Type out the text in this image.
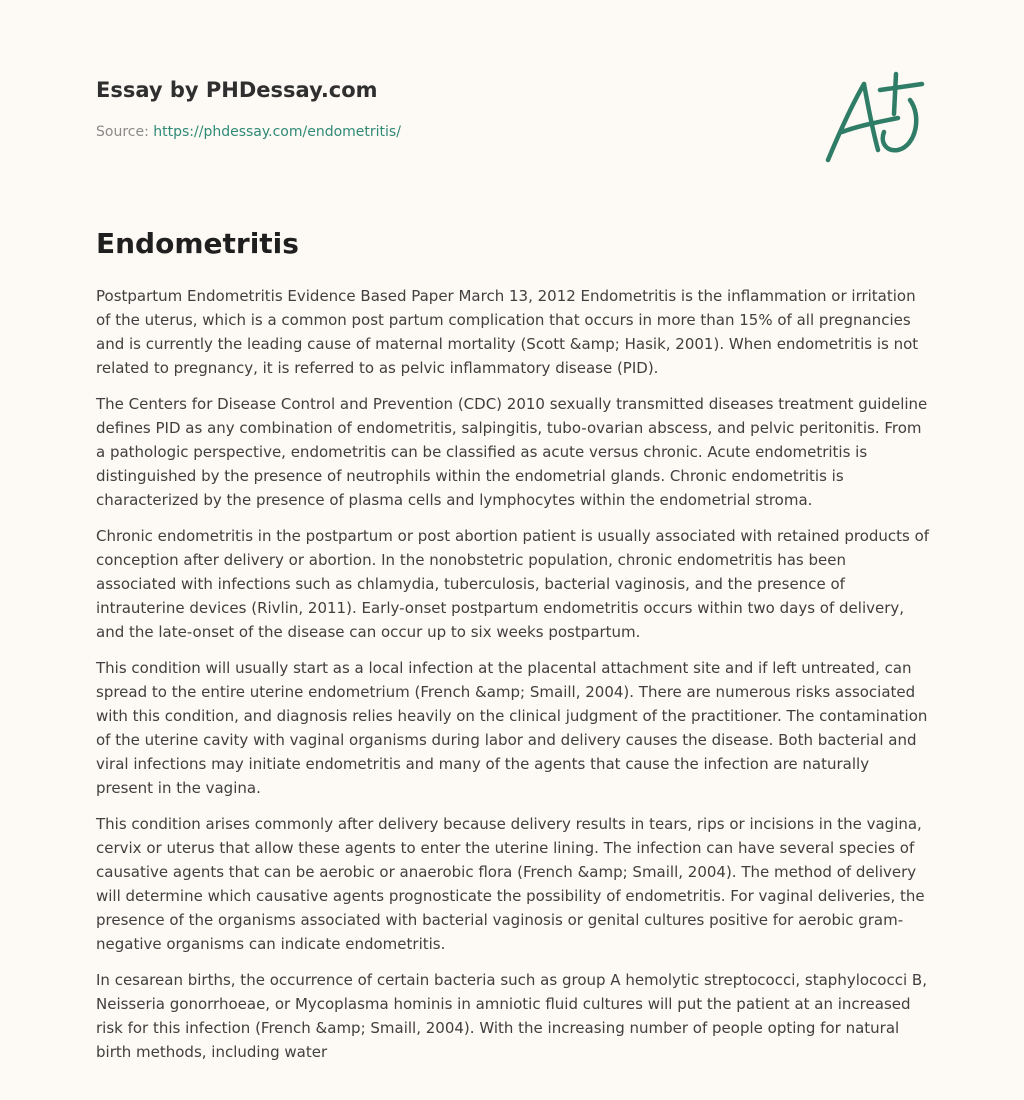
Essay by PHDessay.com
Source: https://phdessay.com/endometritis/
Endometritis

Postpartum Endometritis Evidence Based Paper March 13, 2012 Endometritis is the inflammation or irritation of the uterus, which is a common post partum complication that occurs in more than 15% of all pregnancies and is currently the leading cause of maternal mortality (Scott &amp; Hasik, 2001). When endometritis is not related to pregnancy, it is referred to as pelvic inflammatory disease (PID).

The Centers for Disease Control and Prevention (CDC) 2010 sexually transmitted diseases treatment guideline defines PID as any combination of endometritis, salpingitis, tubo-ovarian abscess, and pelvic peritonitis. From a pathologic perspective, endometritis can be classified as acute versus chronic. Acute endometritis is distinguished by the presence of neutrophils within the endometrial glands. Chronic endometritis is characterized by the presence of plasma cells and lymphocytes within the endometrial stroma.

Chronic endometritis in the postpartum or post abortion patient is usually associated with retained products of conception after delivery or abortion. In the nonobstetric population, chronic endometritis has been associated with infections such as chlamydia, tuberculosis, bacterial vaginosis, and the presence of intrauterine devices (Rivlin, 2011). Early-onset postpartum endometritis occurs within two days of delivery, and the late-onset of the disease can occur up to six weeks postpartum.

This condition will usually start as a local infection at the placental attachment site and if left untreated, can spread to the entire uterine endometrium (French &amp; Smaill, 2004). There are numerous risks associated with this condition, and diagnosis relies heavily on the clinical judgment of the practitioner. The contamination of the uterine cavity with vaginal organisms during labor and delivery causes the disease. Both bacterial and viral infections may initiate endometritis and many of the agents that cause the infection are naturally present in the vagina.

This condition arises commonly after delivery because delivery results in tears, rips or incisions in the vagina, cervix or uterus that allow these agents to enter the uterine lining. The infection can have several species of causative agents that can be aerobic or anaerobic flora (French &amp; Smaill, 2004). The method of delivery will determine which causative agents prognosticate the possibility of endometritis. For vaginal deliveries, the presence of the organisms associated with bacterial vaginosis or genital cultures positive for aerobic gram-negative organisms can indicate endometritis.

In cesarean births, the occurrence of certain bacteria such as group A hemolytic streptococci, staphylococci B, Neisseria gonorrhoeae, or Mycoplasma hominis in amniotic fluid cultures will put the patient at an increased risk for this infection (French &amp; Smaill, 2004). With the increasing number of people opting for natural birth methods, including water
